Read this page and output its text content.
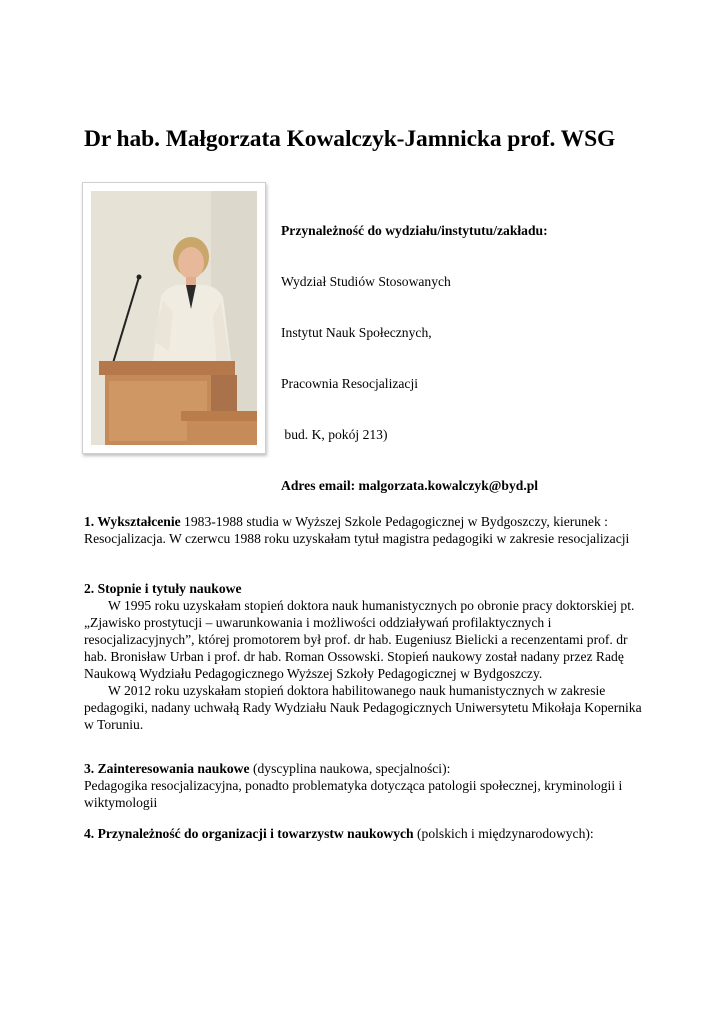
Dr hab. Małgorzata Kowalczyk-Jamnicka prof. WSG

Przynależność do wydziału/instytutu/zakładu:

Wydział Studiów Stosowanych

Instytut Nauk Społecznych,

Pracownia Resocjalizacji

bud. K, pokój 213)

Adres email: malgorzata.kowalczyk@byd.pl

1. Wykształcenie 1983-1988 studia w Wyższej Szkole Pedagogicznej w Bydgoszczy, kierunek : Resocjalizacja. W czerwcu 1988 roku uzyskałam tytuł magistra pedagogiki w zakresie resocjalizacji

2. Stopnie i tytuły naukowe

W 1995 roku uzyskałam stopień doktora nauk humanistycznych po obronie pracy doktorskiej pt. „Zjawisko prostytucji – uwarunkowania i możliwości oddziaływań profilaktycznych i resocjalizacyjnych”, której promotorem był prof. dr hab. Eugeniusz Bielicki a recenzentami prof. dr hab. Bronisław Urban i prof. dr hab. Roman Ossowski. Stopień naukowy został nadany przez Radę Naukową Wydziału Pedagogicznego Wyższej Szkoły Pedagogicznej w Bydgoszczy.

W 2012 roku uzyskałam stopień doktora habilitowanego nauk humanistycznych w zakresie pedagogiki, nadany uchwałą Rady Wydziału Nauk Pedagogicznych Uniwersytetu Mikołaja Kopernika w Toruniu.

3. Zainteresowania naukowe (dyscyplina naukowa, specjalności):

Pedagogika resocjalizacyjna, ponadto problematyka dotycząca patologii społecznej, kryminologii i wiktymologii

4. Przynależność do organizacji i towarzystw naukowych (polskich i międzynarodowych):
